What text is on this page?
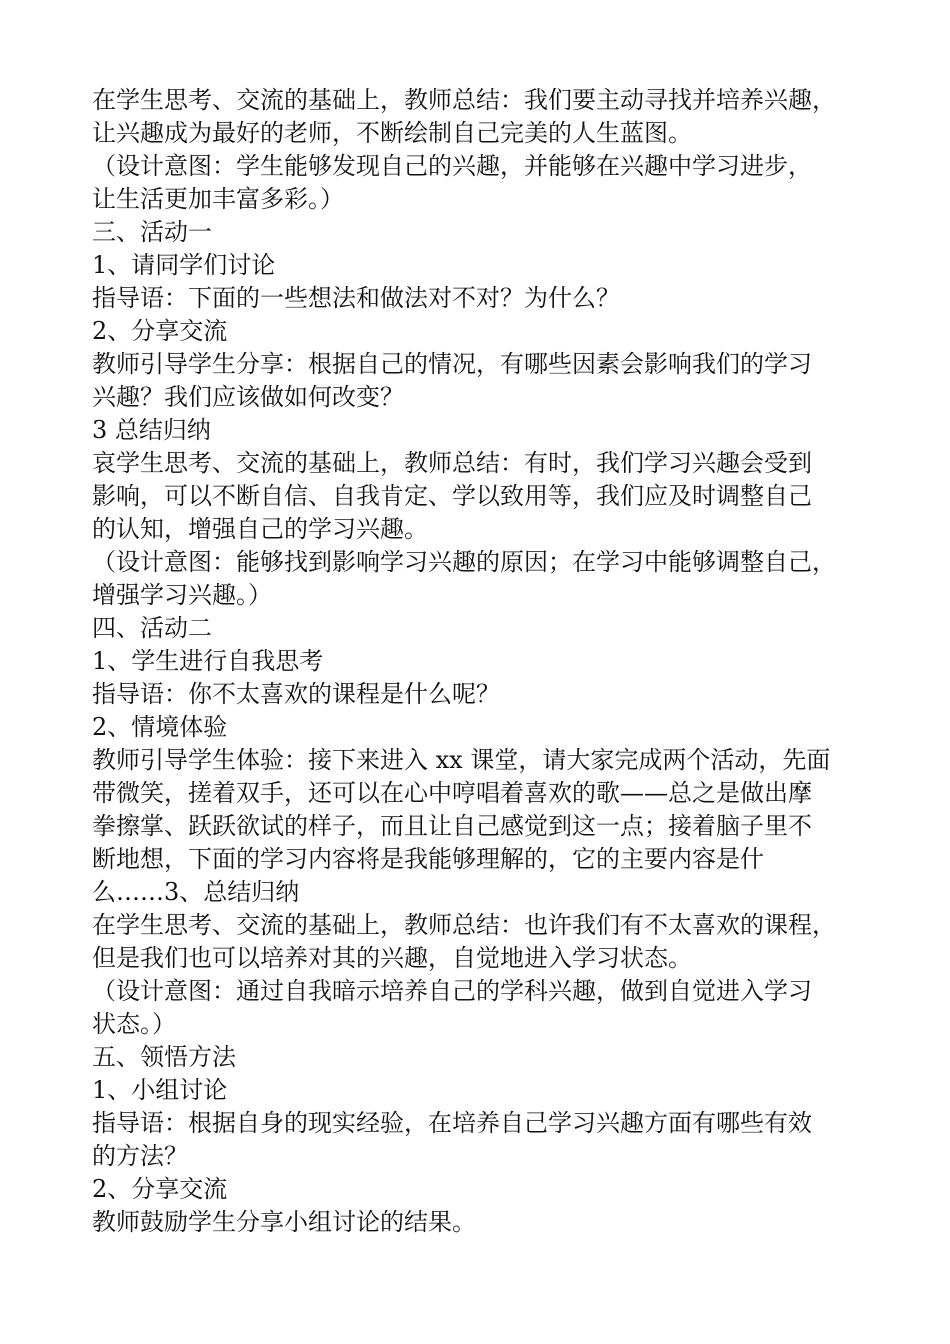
在学生思考、交流的基础上，教师总结：我们要主动寻找并培养兴趣，
让兴趣成为最好的老师，不断绘制自己完美的人生蓝图。
（设计意图：学生能够发现自己的兴趣，并能够在兴趣中学习进步，
让生活更加丰富多彩。）
三、活动一
1、请同学们讨论
指导语：下面的一些想法和做法对不对？为什么？
2、分享交流
教师引导学生分享：根据自己的情况，有哪些因素会影响我们的学习
兴趣？我们应该做如何改变？
3 总结归纳
哀学生思考、交流的基础上，教师总结：有时，我们学习兴趣会受到
影响，可以不断自信、自我肯定、学以致用等，我们应及时调整自己
的认知，增强自己的学习兴趣。
（设计意图：能够找到影响学习兴趣的原因；在学习中能够调整自己，
增强学习兴趣。）
四、活动二
1、学生进行自我思考
指导语：你不太喜欢的课程是什么呢？
2、情境体验
教师引导学生体验：接下来进入 xx 课堂，请大家完成两个活动，先面
带微笑，搓着双手，还可以在心中哼唱着喜欢的歌——总之是做出摩
拳擦掌、跃跃欲试的样子，而且让自己感觉到这一点；接着脑子里不
断地想，下面的学习内容将是我能够理解的，它的主要内容是什
么……3、总结归纳
在学生思考、交流的基础上，教师总结：也许我们有不太喜欢的课程，
但是我们也可以培养对其的兴趣，自觉地进入学习状态。
（设计意图：通过自我暗示培养自己的学科兴趣，做到自觉进入学习
状态。）
五、领悟方法
1、小组讨论
指导语：根据自身的现实经验，在培养自己学习兴趣方面有哪些有效
的方法？
2、分享交流
教师鼓励学生分享小组讨论的结果。
